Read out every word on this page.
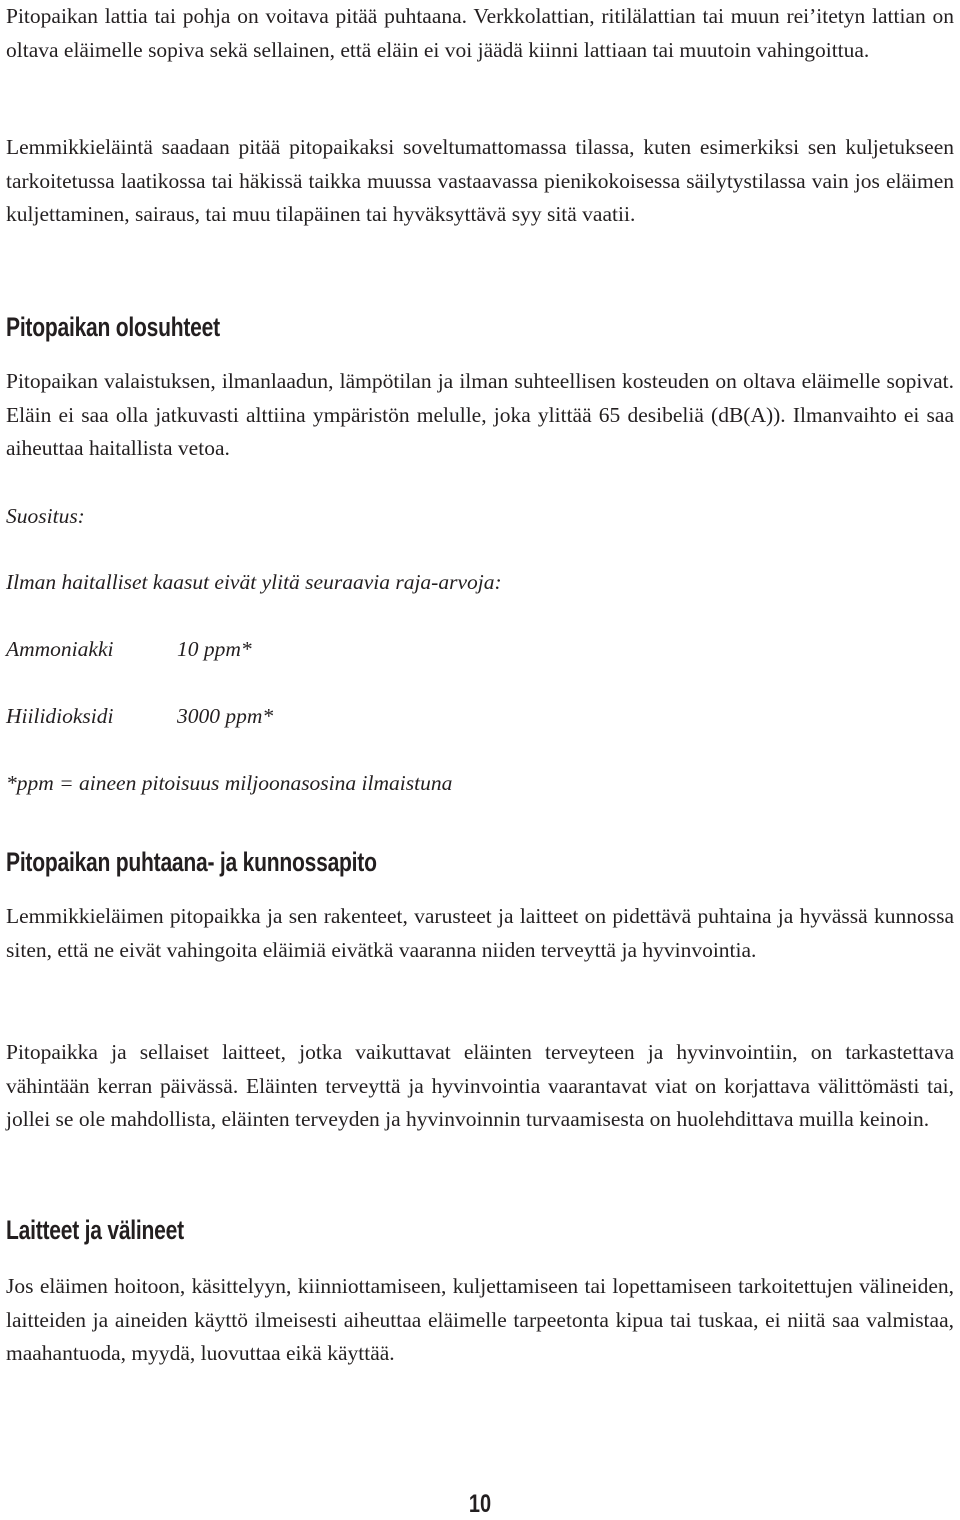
Pitopaikan lattia tai pohja on voitava pitää puhtaana. Verkkolattian, ritilälattian tai muun rei’itetyn lattian on oltava eläimelle sopiva sekä sellainen, että eläin ei voi jäädä kiinni lattiaan tai muutoin vahingoittua.

Lemmikkieläintä saadaan pitää pitopaikaksi soveltumattomassa tilassa, kuten esimerkiksi sen kuljetukseen tarkoitetussa laatikossa tai häkissä taikka muussa vastaavassa pienikokoisessa säilytystilassa vain jos eläimen kuljettaminen, sairaus, tai muu tilapäinen tai hyväksyttävä syy sitä vaatii.

Pitopaikan olosuhteet

Pitopaikan valaistuksen, ilmanlaadun, lämpötilan ja ilman suhteellisen kosteuden on oltava eläimelle sopivat. Eläin ei saa olla jatkuvasti alttiina ympäristön melulle, joka ylittää 65 desibeliä (dB(A)). Ilmanvaihto ei saa aiheuttaa haitallista vetoa.

Suositus:

Ilman haitalliset kaasut eivät ylitä seuraavia raja-arvoja:

Ammoniakki	10 ppm*
Hiilidioksidi	3000 ppm*

*ppm = aineen pitoisuus miljoonasosina ilmaistuna

Pitopaikan puhtaana- ja kunnossapito

Lemmikkieläimen pitopaikka ja sen rakenteet, varusteet ja laitteet on pidettävä puhtaina ja hyvässä kunnossa siten, että ne eivät vahingoita eläimiä eivätkä vaaranna niiden terveyttä ja hyvinvointia.

Pitopaikka ja sellaiset laitteet, jotka vaikuttavat eläinten terveyteen ja hyvinvointiin, on tarkastettava vähintään kerran päivässä. Eläinten terveyttä ja hyvinvointia vaarantavat viat on korjattava välittömästi tai, jollei se ole mahdollista, eläinten terveyden ja hyvinvoinnin turvaamisesta on huolehdittava muilla keinoin.

Laitteet ja välineet

Jos eläimen hoitoon, käsittelyyn, kiinniottamiseen, kuljettamiseen tai lopettamiseen tarkoitettujen välineiden, laitteiden ja aineiden käyttö ilmeisesti aiheuttaa eläimelle tarpeetonta kipua tai tuskaa, ei niitä saa valmistaa, maahantuoda, myydä, luovuttaa eikä käyttää.

10
